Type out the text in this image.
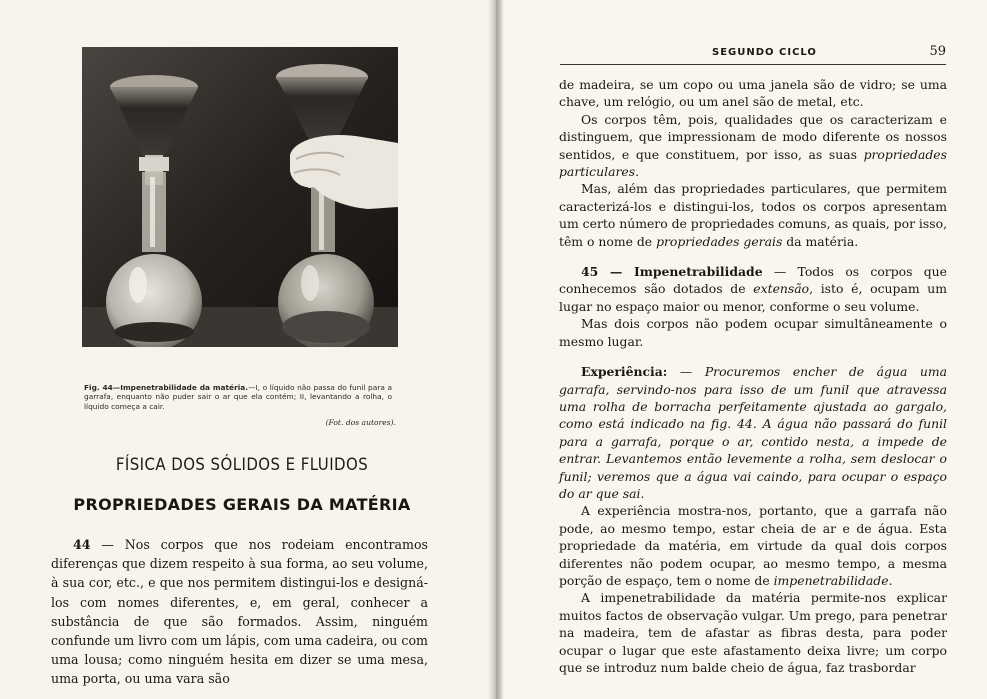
Fig. 44—Impenetrabilidade da matéria.—I, o líquido não passa do funil para a garrafa, enquanto não puder sair o ar que ela contém; II, levantando a rolha, o líquido começa a cair.
(Fot. dos autores).
FÍSICA DOS SÓLIDOS E FLUIDOS
PROPRIEDADES GERAIS DA MATÉRIA

44 — Nos corpos que nos rodeiam encontramos diferenças que dizem respeito à sua forma, ao seu volume, à sua cor, etc., e que nos permitem distingui-los e designá-los com nomes diferentes, e, em geral, conhecer a substância de que são formados. Assim, ninguém confunde um livro com um lápis, com uma cadeira, ou com uma lousa; como ninguém hesita em dizer se uma mesa, uma porta, ou uma vara são

SEGUNDO CICLO	59

de madeira, se um copo ou uma janela são de vidro; se uma chave, um relógio, ou um anel são de metal, etc.

Os corpos têm, pois, qualidades que os caracterizam e distinguem, que impressionam de modo diferente os nossos sentidos, e que constituem, por isso, as suas propriedades particulares.

Mas, além das propriedades particulares, que permitem caracterizá-los e distingui-los, todos os corpos apresentam um certo número de propriedades comuns, as quais, por isso, têm o nome de propriedades gerais da matéria.

45 — Impenetrabilidade — Todos os corpos que conhecemos são dotados de extensão, isto é, ocupam um lugar no espaço maior ou menor, conforme o seu volume.

Mas dois corpos não podem ocupar simultâneamente o mesmo lugar.

Experiência: — Procuremos encher de água uma garrafa, servindo-nos para isso de um funil que atravessa uma rolha de borracha perfeitamente ajustada ao gargalo, como está indicado na fig. 44. A água não passará do funil para a garrafa, porque o ar, contido nesta, a impede de entrar. Levantemos então levemente a rolha, sem deslocar o funil; veremos que a água vai caindo, para ocupar o espaço do ar que sai.

A experiência mostra-nos, portanto, que a garrafa não pode, ao mesmo tempo, estar cheia de ar e de água. Esta propriedade da matéria, em virtude da qual dois corpos diferentes não podem ocupar, ao mesmo tempo, a mesma porção de espaço, tem o nome de impenetrabilidade.

A impenetrabilidade da matéria permite-nos explicar muitos factos de observação vulgar. Um prego, para penetrar na madeira, tem de afastar as fibras desta, para poder ocupar o lugar que este afastamento deixa livre; um corpo que se introduz num balde cheio de água, faz trasbordar
